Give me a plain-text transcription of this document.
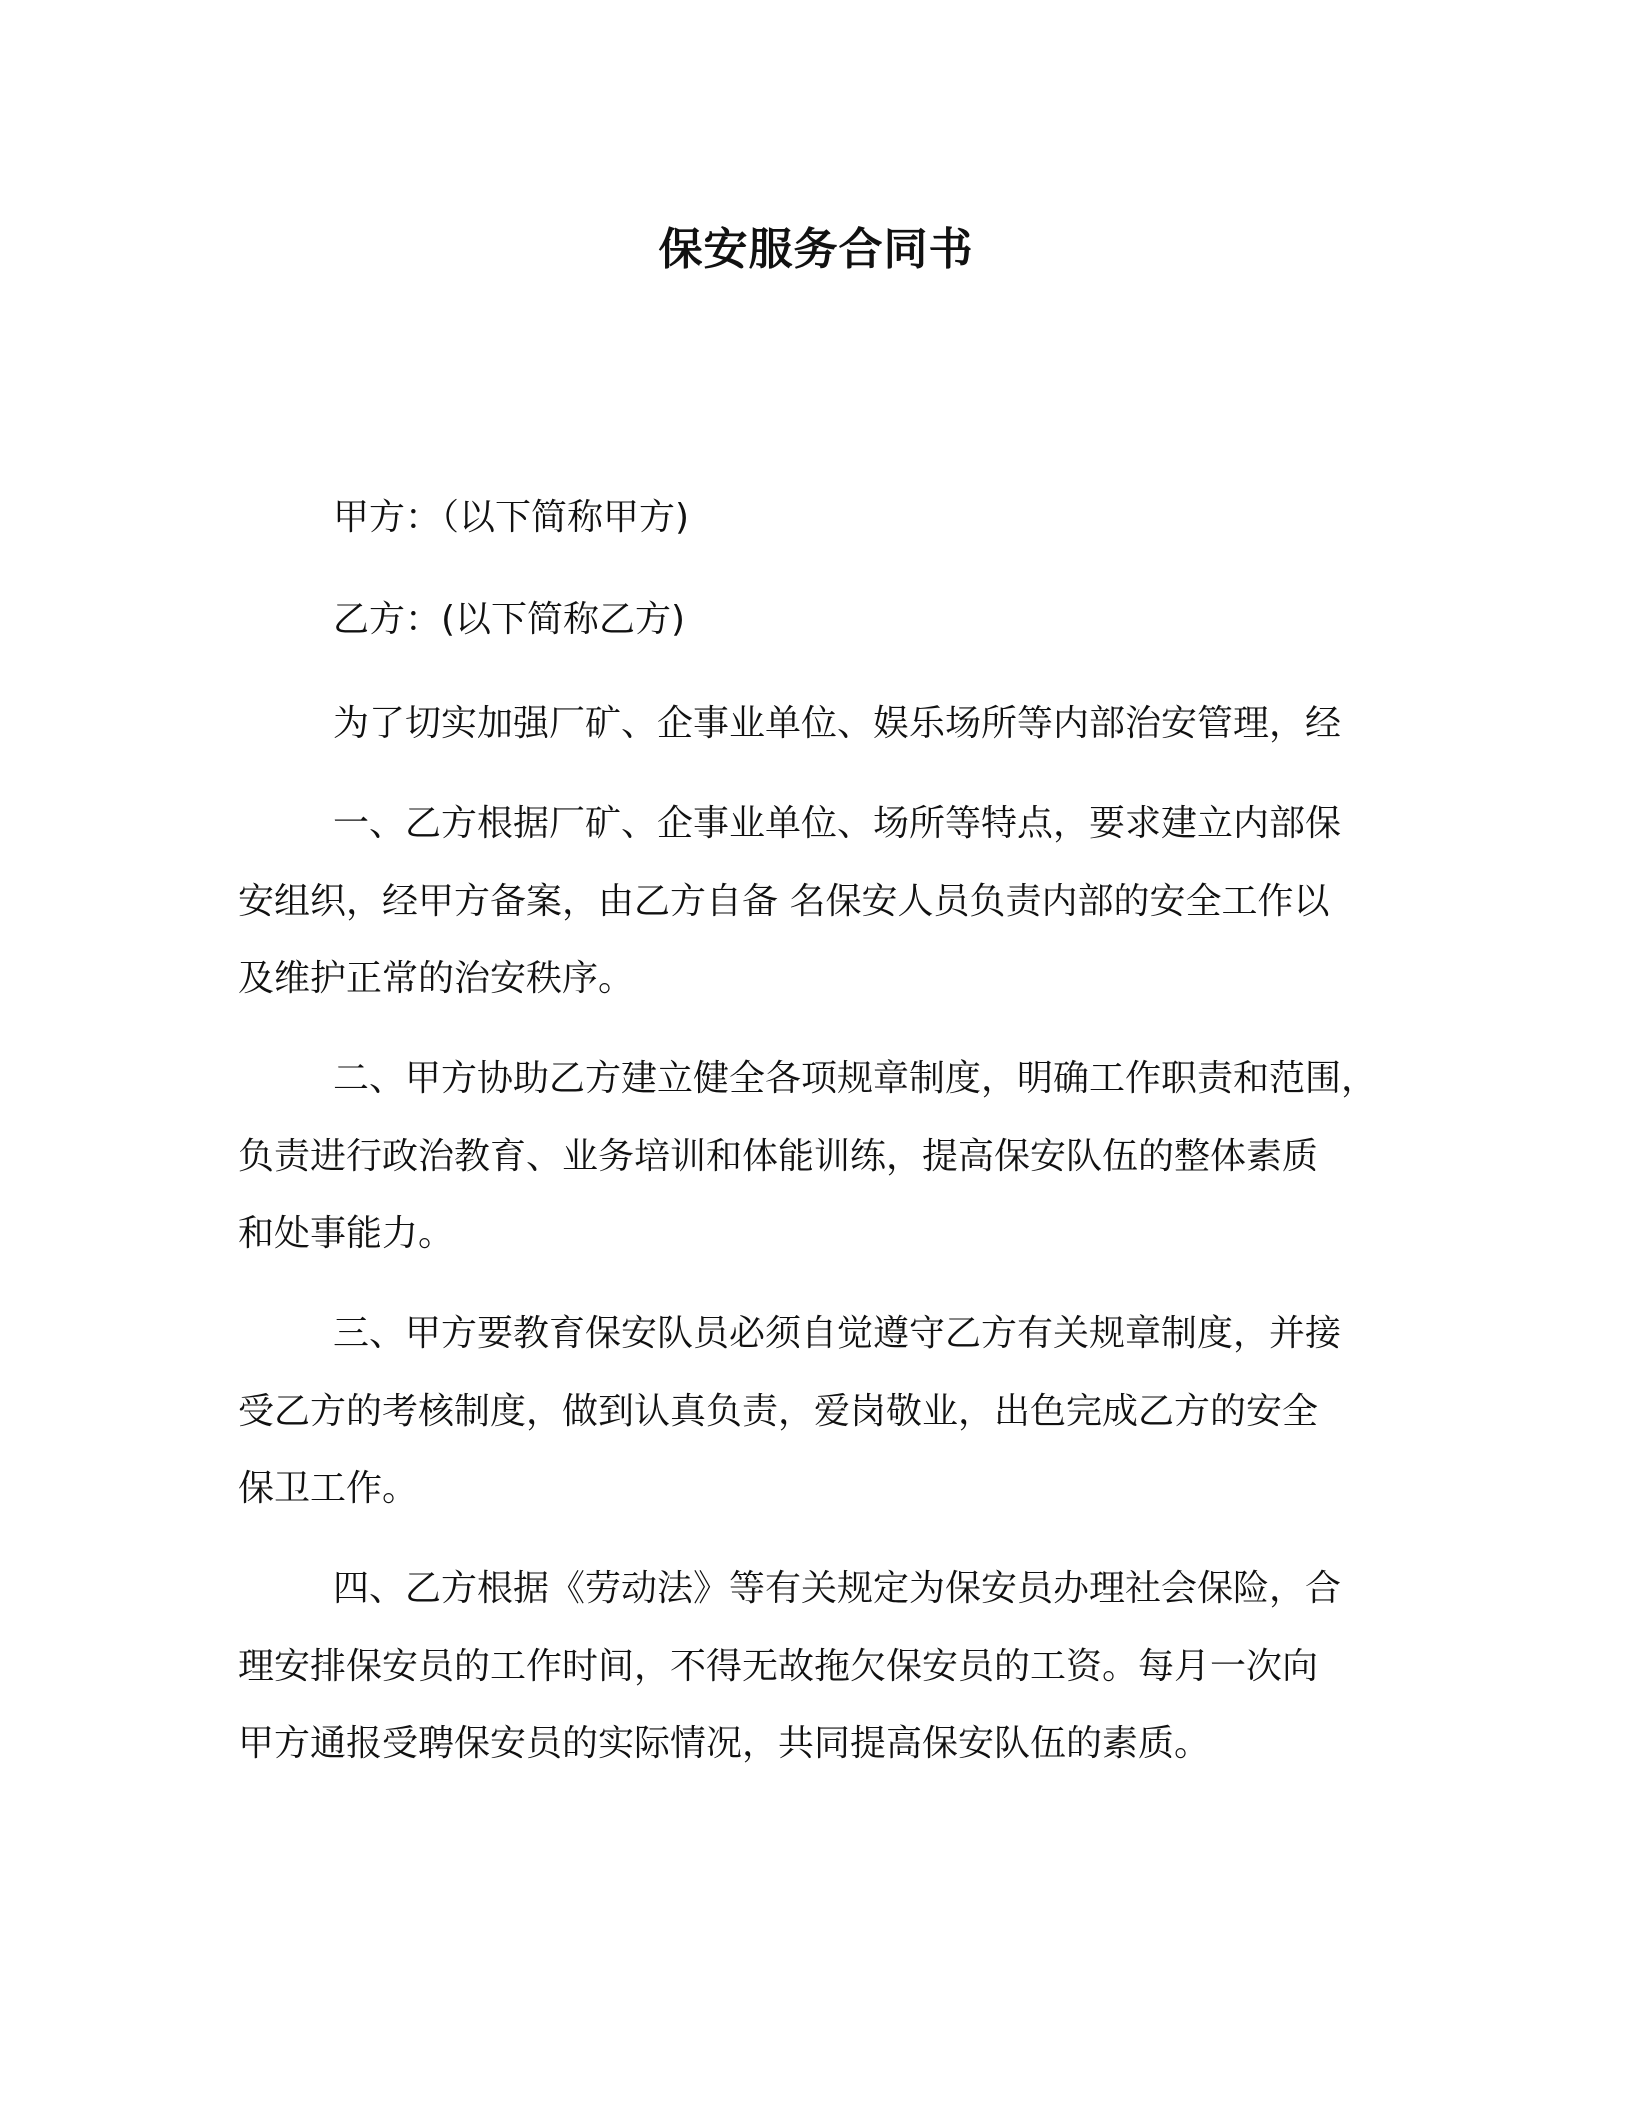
保安服务合同书

甲方：（以下简称甲方)

乙方：(以下简称乙方)

为了切实加强厂矿、企事业单位、娱乐场所等内部治安管理，经

一、乙方根据厂矿、企事业单位、场所等特点，要求建立内部保

安组织，经甲方备案，由乙方自备 名保安人员负责内部的安全工作以

及维护正常的治安秩序。

二、甲方协助乙方建立健全各项规章制度，明确工作职责和范围，

负责进行政治教育、业务培训和体能训练，提高保安队伍的整体素质

和处事能力。

三、甲方要教育保安队员必须自觉遵守乙方有关规章制度，并接

受乙方的考核制度，做到认真负责，爱岗敬业，出色完成乙方的安全

保卫工作。

四、乙方根据《劳动法》等有关规定为保安员办理社会保险，合

理安排保安员的工作时间，不得无故拖欠保安员的工资。每月一次向

甲方通报受聘保安员的实际情况，共同提高保安队伍的素质。
